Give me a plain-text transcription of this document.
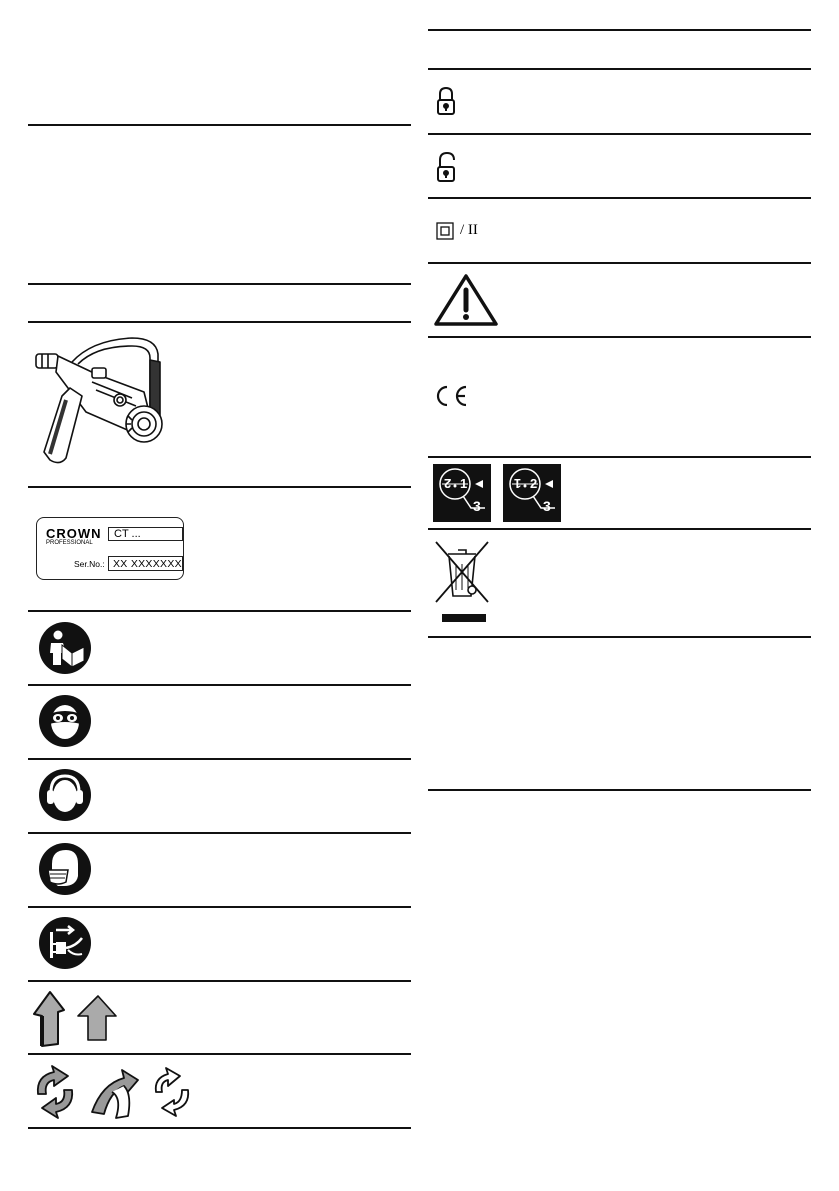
CROWN
PROFESSIONAL
CT ...
Ser.No.: XX XXXXXXX
/ II
2 1
3
1 2
3
